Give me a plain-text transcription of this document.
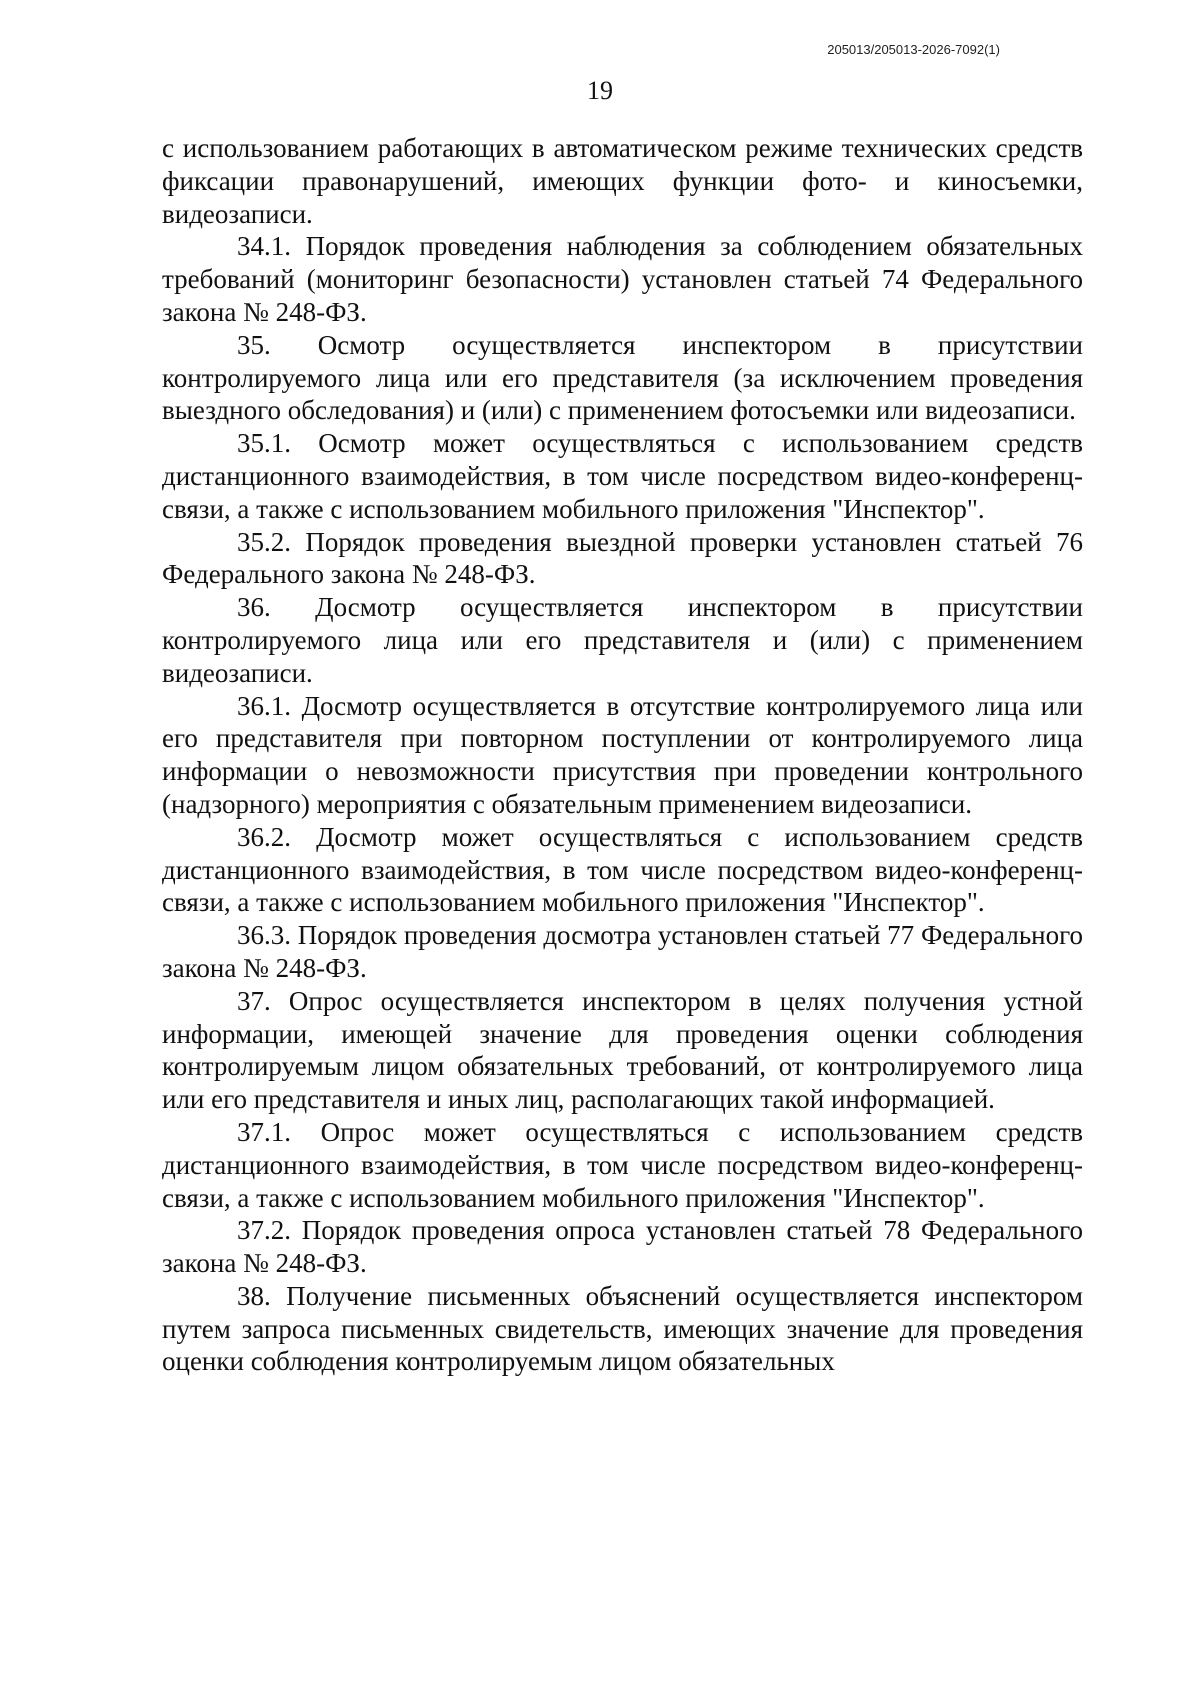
205013/205013-2026-7092(1)
19

с использованием работающих в автоматическом режиме технических средств фиксации правонарушений, имеющих функции фото- и киносъемки, видеозаписи.

34.1. Порядок проведения наблюдения за соблюдением обязательных требований (мониторинг безопасности) установлен статьей 74 Федерального закона № 248-ФЗ.

35. Осмотр осуществляется инспектором в присутствии контролируемого лица или его представителя (за исключением проведения выездного обследования) и (или) с применением фотосъемки или видеозаписи.

35.1. Осмотр может осуществляться с использованием средств дистанционного взаимодействия, в том числе посредством видео-конференц-связи, а также с использованием мобильного приложения "Инспектор".

35.2. Порядок проведения выездной проверки установлен статьей 76 Федерального закона № 248-ФЗ.

36. Досмотр осуществляется инспектором в присутствии контролируемого лица или его представителя и (или) с применением видеозаписи.

36.1. Досмотр осуществляется в отсутствие контролируемого лица или его представителя при повторном поступлении от контролируемого лица информации о невозможности присутствия при проведении контрольного (надзорного) мероприятия с обязательным применением видеозаписи.

36.2. Досмотр может осуществляться с использованием средств дистанционного взаимодействия, в том числе посредством видео-конференц-связи, а также с использованием мобильного приложения "Инспектор".

36.3. Порядок проведения досмотра установлен статьей 77 Федерального закона № 248-ФЗ.

37. Опрос осуществляется инспектором в целях получения устной информации, имеющей значение для проведения оценки соблюдения контролируемым лицом обязательных требований, от контролируемого лица или его представителя и иных лиц, располагающих такой информацией.

37.1. Опрос может осуществляться с использованием средств дистанционного взаимодействия, в том числе посредством видео-конференц-связи, а также с использованием мобильного приложения "Инспектор".

37.2. Порядок проведения опроса установлен статьей 78 Федерального закона № 248-ФЗ.

38. Получение письменных объяснений осуществляется инспектором путем запроса письменных свидетельств, имеющих значение для проведения оценки соблюдения контролируемым лицом обязательных
